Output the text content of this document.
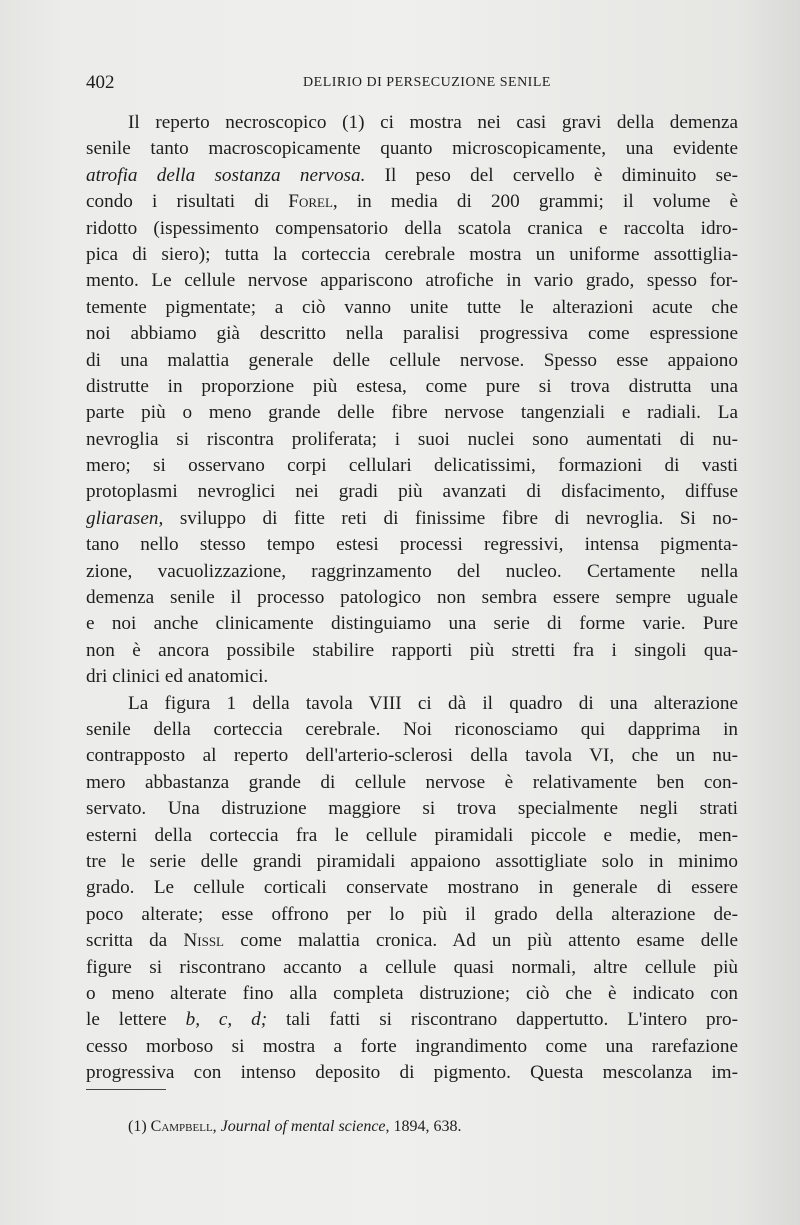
402	DELIRIO DI PERSECUZIONE SENILE
Il reperto necroscopico (1) ci mostra nei casi gravi della demenza
senile tanto macroscopicamente quanto microscopicamente, una evidente
atrofia della sostanza nervosa. Il peso del cervello è diminuito se-
condo i risultati di Forel, in media di 200 grammi; il volume è
ridotto (ispessimento compensatorio della scatola cranica e raccolta idro-
pica di siero); tutta la corteccia cerebrale mostra un uniforme assottiglia-
mento. Le cellule nervose appariscono atrofiche in vario grado, spesso for-
temente pigmentate; a ciò vanno unite tutte le alterazioni acute che
noi abbiamo già descritto nella paralisi progressiva come espressione
di una malattia generale delle cellule nervose. Spesso esse appaiono
distrutte in proporzione più estesa, come pure si trova distrutta una
parte più o meno grande delle fibre nervose tangenziali e radiali. La
nevroglia si riscontra proliferata; i suoi nuclei sono aumentati di nu-
mero; si osservano corpi cellulari delicatissimi, formazioni di vasti
protoplasmi nevroglici nei gradi più avanzati di disfacimento, diffuse
gliarasen, sviluppo di fitte reti di finissime fibre di nevroglia. Si no-
tano nello stesso tempo estesi processi regressivi, intensa pigmenta-
zione, vacuolizzazione, raggrinzamento del nucleo. Certamente nella
demenza senile il processo patologico non sembra essere sempre uguale
e noi anche clinicamente distinguiamo una serie di forme varie. Pure
non è ancora possibile stabilire rapporti più stretti fra i singoli qua-
dri clinici ed anatomici.
La figura 1 della tavola VIII ci dà il quadro di una alterazione
senile della corteccia cerebrale. Noi riconosciamo qui dapprima in
contrapposto al reperto dell'arterio-sclerosi della tavola VI, che un nu-
mero abbastanza grande di cellule nervose è relativamente ben con-
servato. Una distruzione maggiore si trova specialmente negli strati
esterni della corteccia fra le cellule piramidali piccole e medie, men-
tre le serie delle grandi piramidali appaiono assottigliate solo in minimo
grado. Le cellule corticali conservate mostrano in generale di essere
poco alterate; esse offrono per lo più il grado della alterazione de-
scritta da Nissl come malattia cronica. Ad un più attento esame delle
figure si riscontrano accanto a cellule quasi normali, altre cellule più
o meno alterate fino alla completa distruzione; ciò che è indicato con
le lettere b, c, d; tali fatti si riscontrano dappertutto. L'intero pro-
cesso morboso si mostra a forte ingrandimento come una rarefazione
progressiva con intenso deposito di pigmento. Questa mescolanza im-
(1) Campbell, Journal of mental science, 1894, 638.
